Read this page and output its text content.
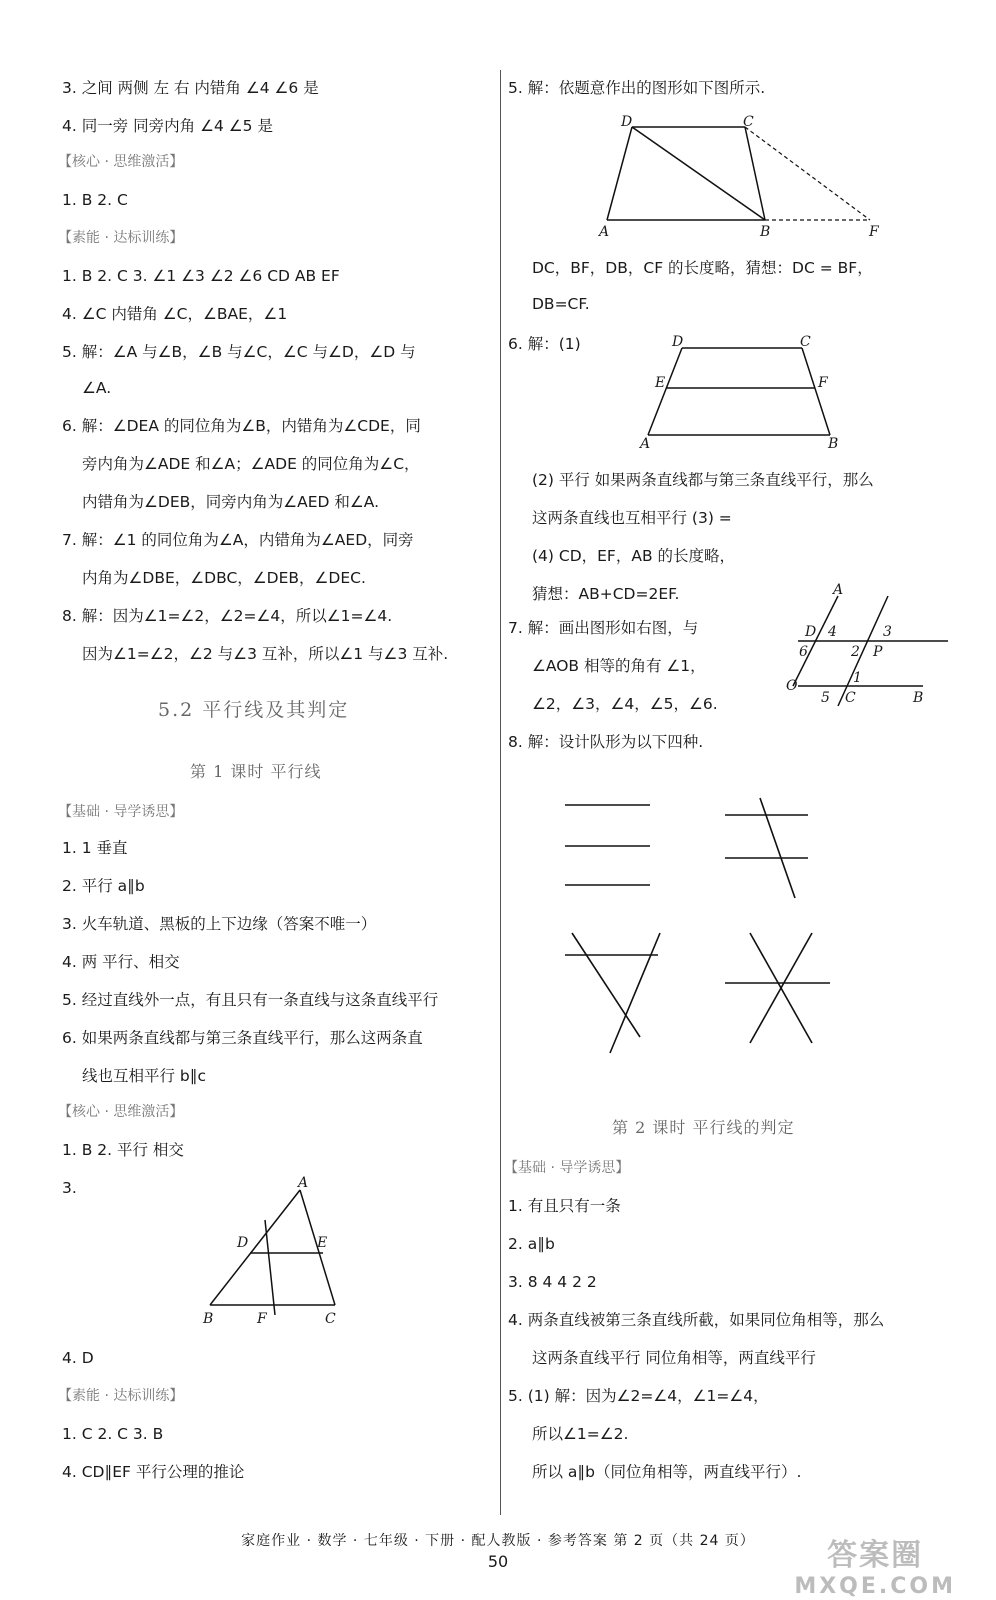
3. 之间 两侧 左 右 内错角 ∠4 ∠6 是
4. 同一旁 同旁内角 ∠4 ∠5 是
【核心 · 思维激活】
1. B 2. C
【素能 · 达标训练】
1. B 2. C 3. ∠1 ∠3 ∠2 ∠6 CD AB EF
4. ∠C 内错角 ∠C，∠BAE，∠1
5. 解：∠A 与∠B，∠B 与∠C，∠C 与∠D，∠D 与
∠A.
6. 解：∠DEA 的同位角为∠B，内错角为∠CDE，同
旁内角为∠ADE 和∠A；∠ADE 的同位角为∠C，
内错角为∠DEB，同旁内角为∠AED 和∠A.
7. 解：∠1 的同位角为∠A，内错角为∠AED，同旁
内角为∠DBE，∠DBC，∠DEB，∠DEC.
8. 解：因为∠1=∠2，∠2=∠4，所以∠1=∠4.
因为∠1=∠2，∠2 与∠3 互补，所以∠1 与∠3 互补.
5.2 平行线及其判定
第 1 课时 平行线
【基础 · 导学诱思】
1. 1 垂直
2. 平行 a∥b
3. 火车轨道、黑板的上下边缘（答案不唯一）
4. 两 平行、相交
5. 经过直线外一点，有且只有一条直线与这条直线平行
6. 如果两条直线都与第三条直线平行，那么这两条直
线也互相平行 b∥c
【核心 · 思维激活】
1. B 2. 平行 相交
3.	A
D	E
B	F	C
4. D
【素能 · 达标训练】
1. C 2. C 3. B
4. CD∥EF 平行公理的推论
5. 解：依题意作出的图形如下图所示.
D	C
A	B	F
DC，BF，DB，CF 的长度略，猜想：DC = BF，
DB=CF.
6. 解：(1)	D	C
E	F
A	B
(2) 平行 如果两条直线都与第三条直线平行，那么
这两条直线也互相平行 (3) =
(4) CD，EF，AB 的长度略，
猜想：AB+CD=2EF.	A
D 4	3
6	2 P
O	1
5 C	B
7. 解：画出图形如右图，与
∠AOB 相等的角有 ∠1，
∠2，∠3，∠4，∠5，∠6.
8. 解：设计队形为以下四种.
第 2 课时 平行线的判定
【基础 · 导学诱思】
1. 有且只有一条
2. a∥b
3. 8 4 4 2 2
4. 两条直线被第三条直线所截，如果同位角相等，那么
这两条直线平行 同位角相等，两直线平行
5. (1) 解：因为∠2=∠4，∠1=∠4，
所以∠1=∠2.
所以 a∥b（同位角相等，两直线平行）.
家庭作业 · 数学 · 七年级 · 下册 · 配人教版 · 参考答案 第 2 页（共 24 页）
50	答案圈
MXQE.COM
